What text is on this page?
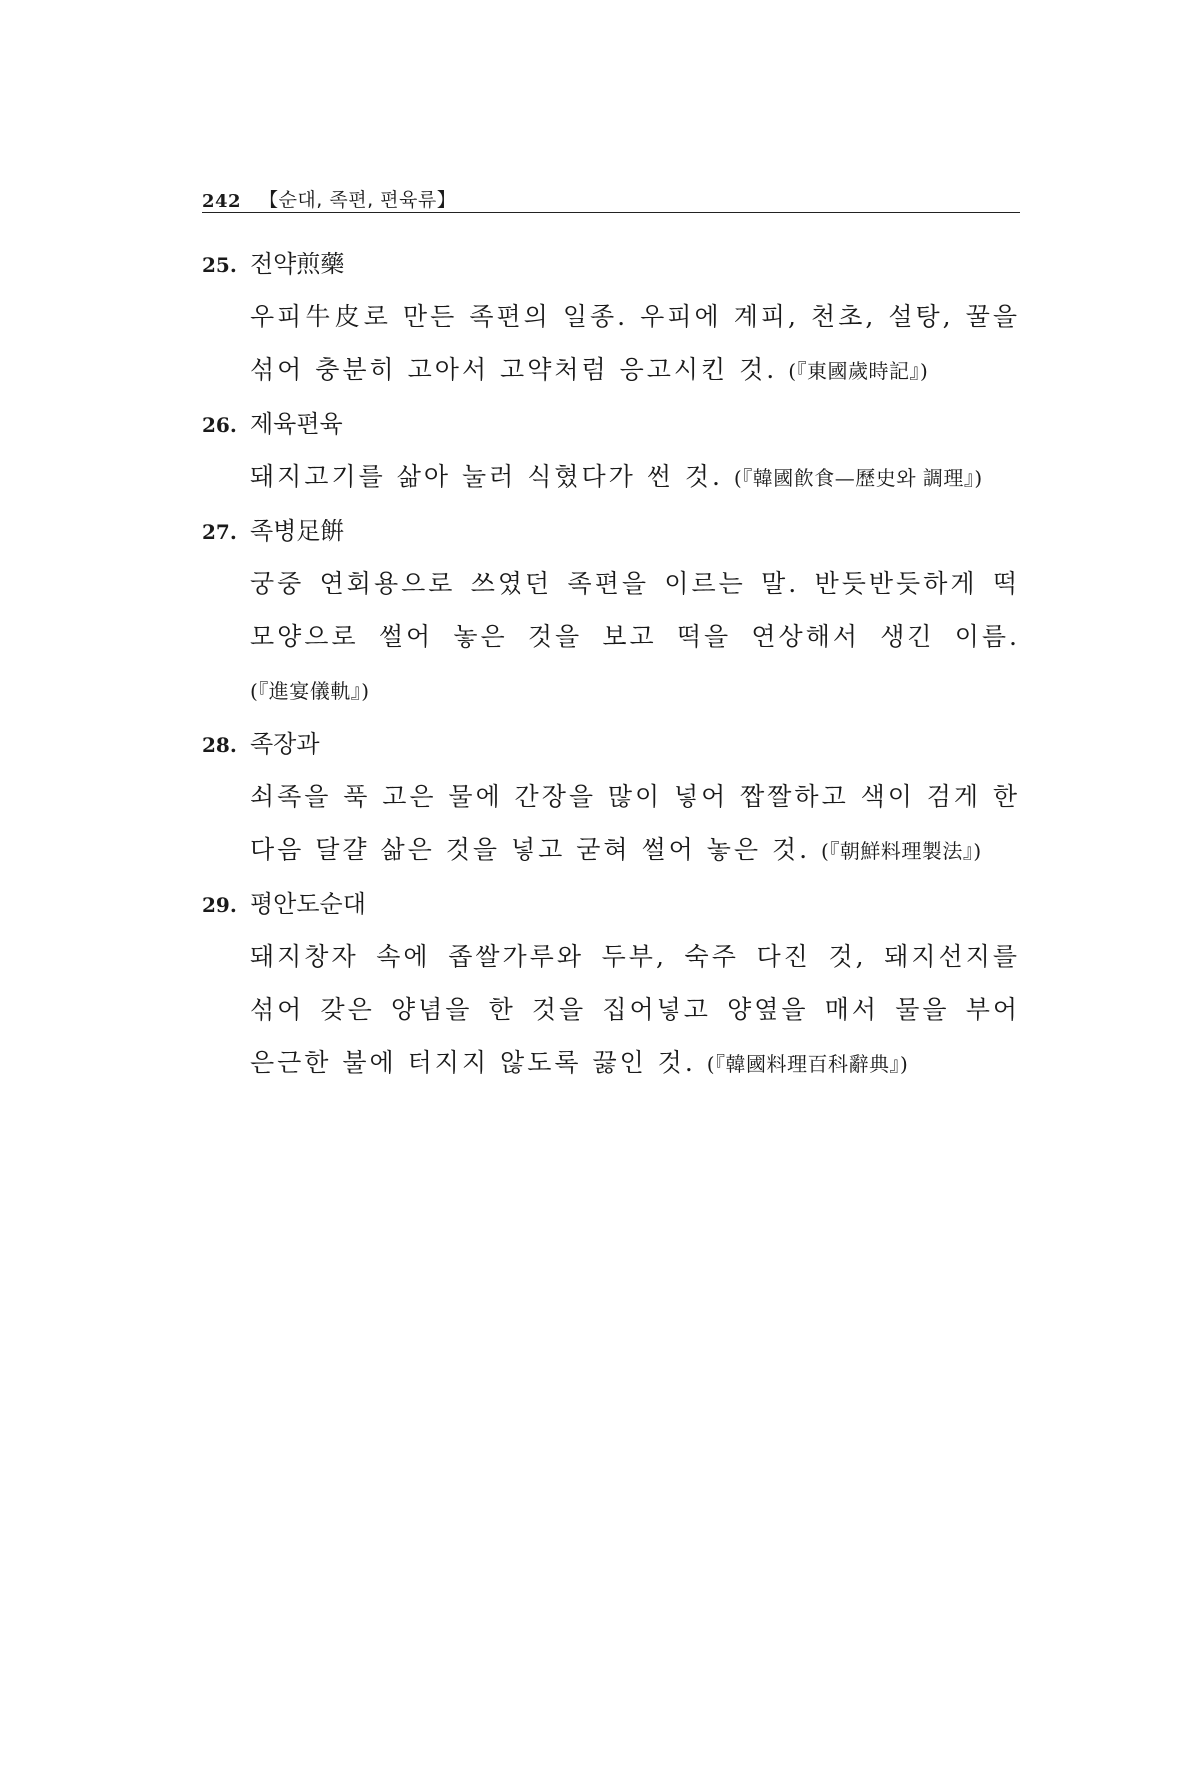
242 【순대, 족편, 편육류】
25. 전약煎藥
우피牛皮로 만든 족편의 일종. 우피에 계피, 천초, 설탕, 꿀을 섞어 충분히 고아서 고약처럼 응고시킨 것. (『東國歲時記』)
26. 제육편육
돼지고기를 삶아 눌러 식혔다가 썬 것. (『韓國飮食—歷史와 調理』)
27. 족병足餠
궁중 연회용으로 쓰였던 족편을 이르는 말. 반듯반듯하게 떡 모양으로 썰어 놓은 것을 보고 떡을 연상해서 생긴 이름. (『進宴儀軌』)
28. 족장과
쇠족을 푹 고은 물에 간장을 많이 넣어 짭짤하고 색이 검게 한 다음 달걀 삶은 것을 넣고 굳혀 썰어 놓은 것. (『朝鮮料理製法』)
29. 평안도순대
돼지창자 속에 좁쌀가루와 두부, 숙주 다진 것, 돼지선지를 섞어 갖은 양념을 한 것을 집어넣고 양옆을 매서 물을 부어 은근한 불에 터지지 않도록 끓인 것. (『韓國料理百科辭典』)
